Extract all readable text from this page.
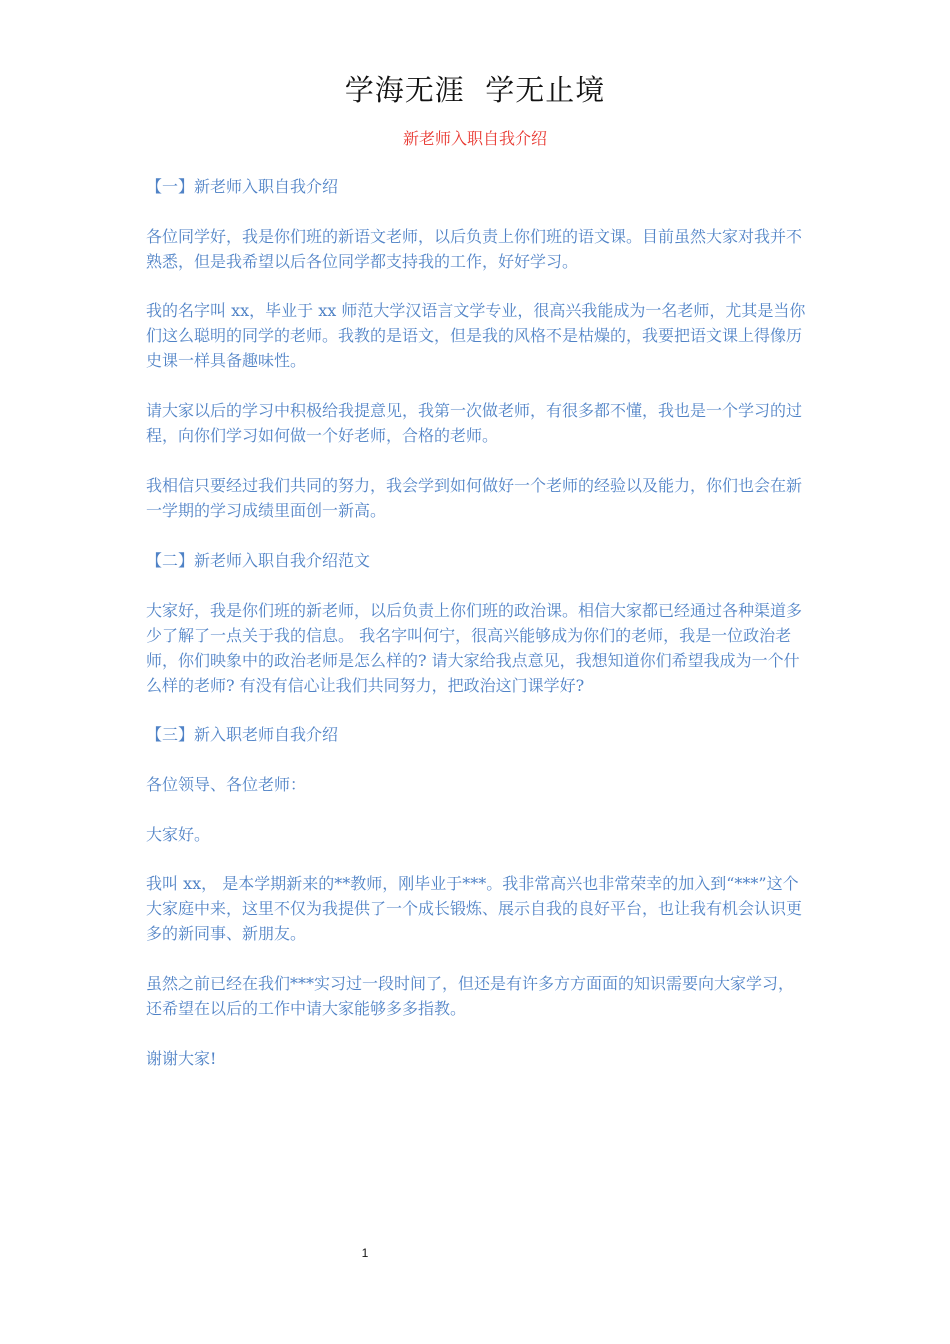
学海无涯  学无止境
新老师入职自我介绍

【一】新老师入职自我介绍

各位同学好，我是你们班的新语文老师，以后负责上你们班的语文课。目前虽然大家对我并不熟悉，但是我希望以后各位同学都支持我的工作，好好学习。

我的名字叫 xx，毕业于 xx 师范大学汉语言文学专业，很高兴我能成为一名老师，尤其是当你们这么聪明的同学的老师。我教的是语文，但是我的风格不是枯燥的，我要把语文课上得像历史课一样具备趣味性。

请大家以后的学习中积极给我提意见，我第一次做老师，有很多都不懂，我也是一个学习的过程，向你们学习如何做一个好老师，合格的老师。

我相信只要经过我们共同的努力，我会学到如何做好一个老师的经验以及能力，你们也会在新一学期的学习成绩里面创一新高。

【二】新老师入职自我介绍范文

大家好，我是你们班的新老师，以后负责上你们班的政治课。相信大家都已经通过各种渠道多少了解了一点关于我的信息。 我名字叫何宁，很高兴能够成为你们的老师，我是一位政治老师，你们映象中的政治老师是怎么样的? 请大家给我点意见，我想知道你们希望我成为一个什么样的老师? 有没有信心让我们共同努力，把政治这门课学好?

【三】新入职老师自我介绍

各位领导、各位老师：

大家好。

我叫 xx， 是本学期新来的**教师，刚毕业于***。我非常高兴也非常荣幸的加入到“***”这个大家庭中来，这里不仅为我提供了一个成长锻炼、展示自我的良好平台，也让我有机会认识更多的新同事、新朋友。

虽然之前已经在我们***实习过一段时间了，但还是有许多方方面面的知识需要向大家学习，还希望在以后的工作中请大家能够多多指教。

谢谢大家!

1
